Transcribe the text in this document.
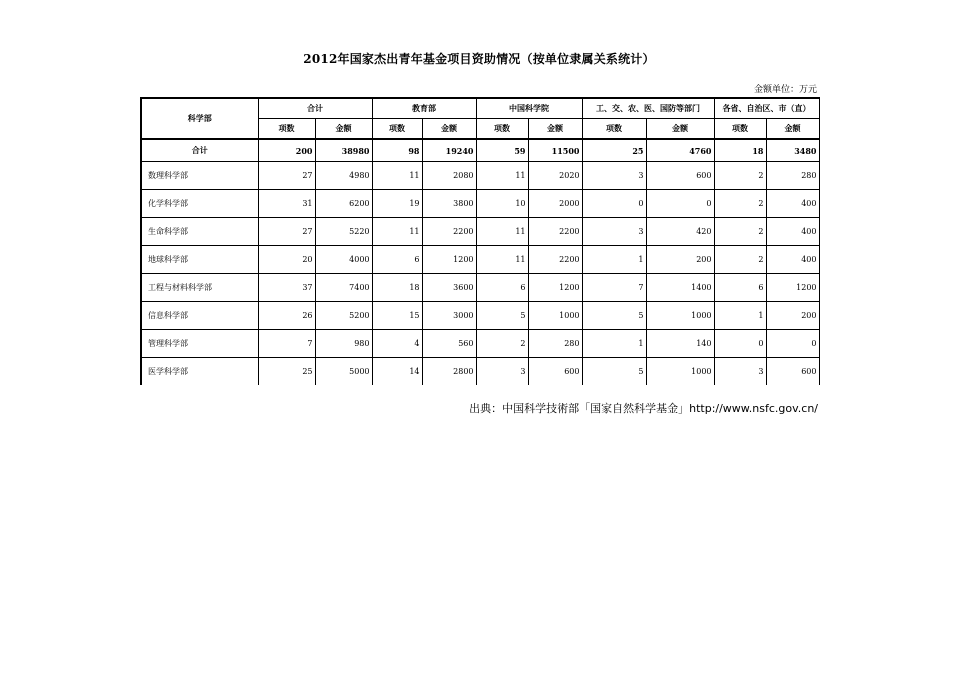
2012年国家杰出青年基金项目资助情况（按单位隶属关系统计）
金额单位：万元
科学部	合计		教育部		中国科学院		工、交、农、医、国防等部门		各省、自治区、市（直）	
	项数	金额	项数	金额	项数	金额	项数	金额	项数	金额
合计	200	38980	98	19240	59	11500	25	4760	18	3480
数理科学部	27	4980	11	2080	11	2020	3	600	2	280
化学科学部	31	6200	19	3800	10	2000	0	0	2	400
生命科学部	27	5220	11	2200	11	2200	3	420	2	400
地球科学部	20	4000	6	1200	11	2200	1	200	2	400
工程与材料科学部	37	7400	18	3600	6	1200	7	1400	6	1200
信息科学部	26	5200	15	3000	5	1000	5	1000	1	200
管理科学部	7	980	4	560	2	280	1	140	0	0
医学科学部	25	5000	14	2800	3	600	5	1000	3	600
出典：中国科学技術部「国家自然科学基金」http://www.nsfc.gov.cn/
